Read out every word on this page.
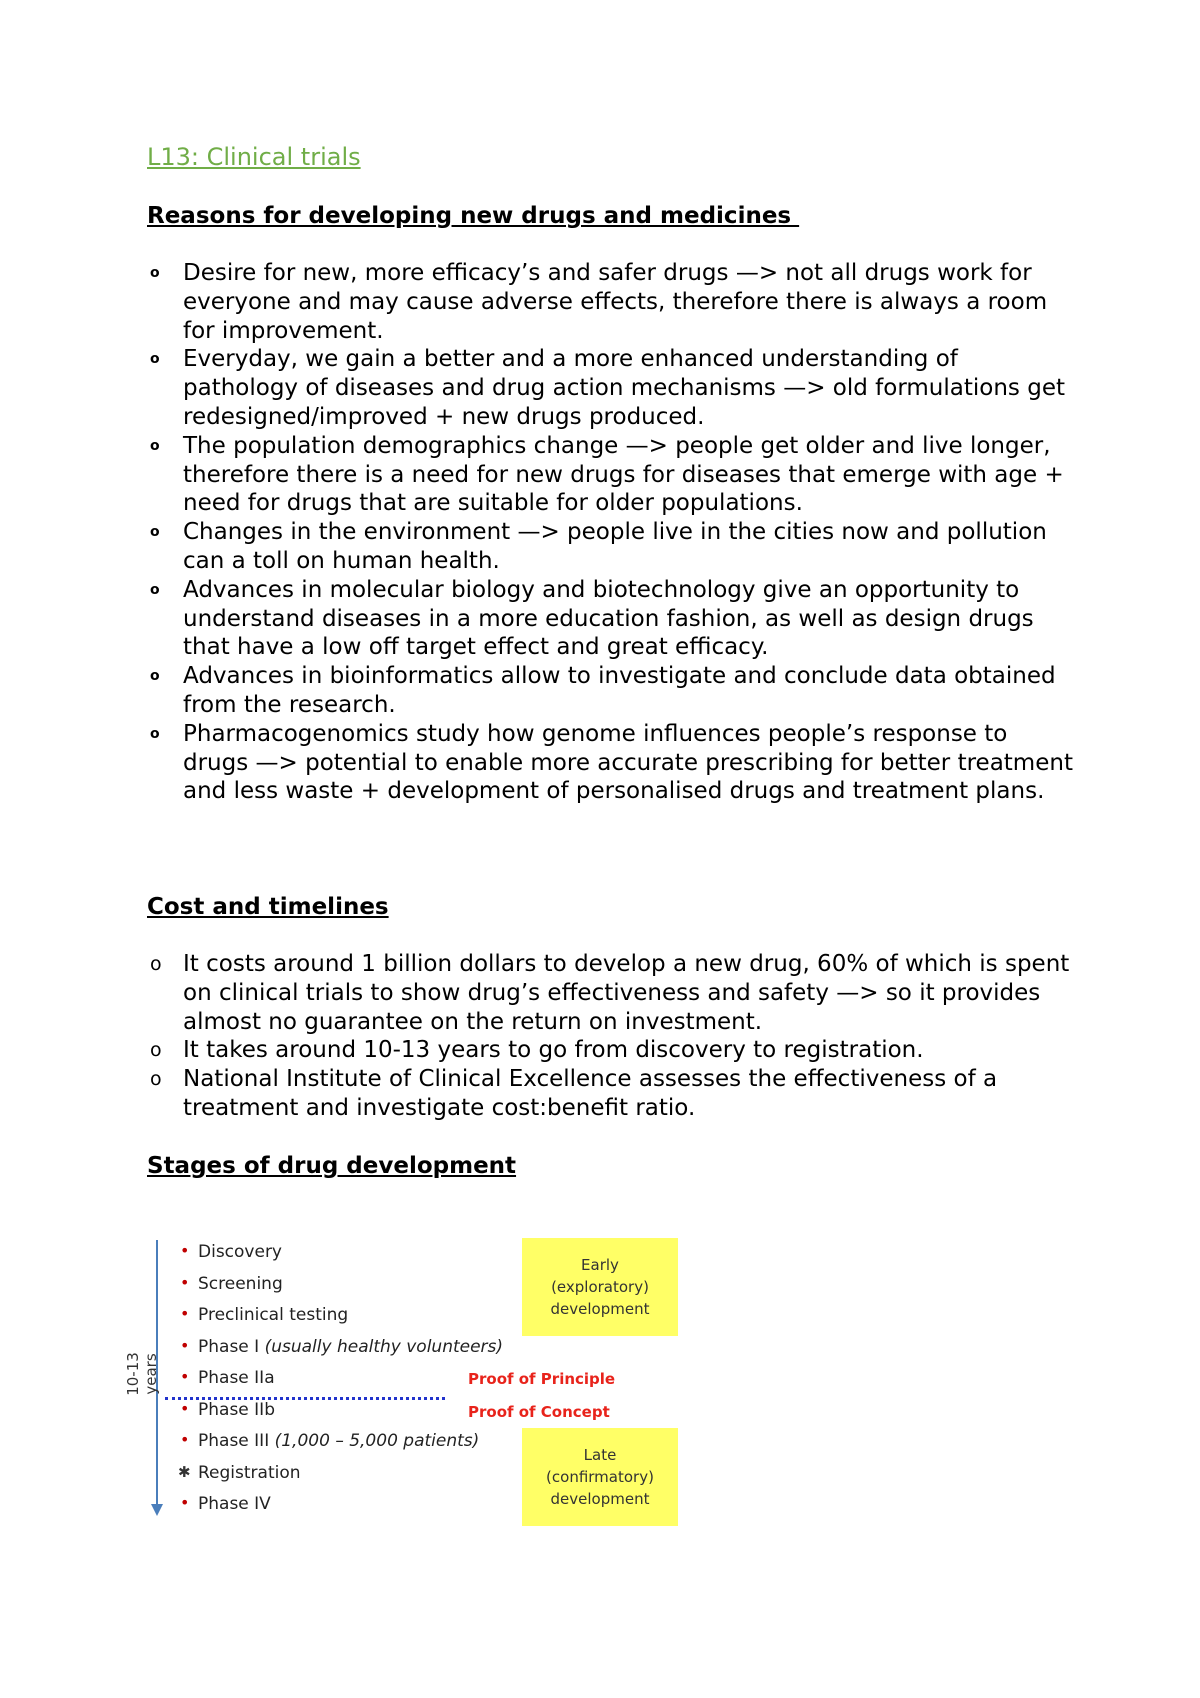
L13: Clinical trials
Reasons for developing new drugs and medicines
o Desire for new, more efficacy’s and safer drugs —> not all drugs work for everyone and may cause adverse effects, therefore there is always a room for improvement.
o Everyday, we gain a better and a more enhanced understanding of pathology of diseases and drug action mechanisms —> old formulations get redesigned/improved + new drugs produced.
o The population demographics change —> people get older and live longer, therefore there is a need for new drugs for diseases that emerge with age + need for drugs that are suitable for older populations.
o Changes in the environment —> people live in the cities now and pollution can a toll on human health.
o Advances in molecular biology and biotechnology give an opportunity to understand diseases in a more education fashion, as well as design drugs that have a low off target effect and great efficacy.
o Advances in bioinformatics allow to investigate and conclude data obtained from the research.
o Pharmacogenomics study how genome influences people’s response to drugs —> potential to enable more accurate prescribing for better treatment and less waste + development of personalised drugs and treatment plans.
Cost and timelines
o It costs around 1 billion dollars to develop a new drug, 60% of which is spent on clinical trials to show drug’s effectiveness and safety —> so it provides almost no guarantee on the return on investment.
o It takes around 10-13 years to go from discovery to registration.
o National Institute of Clinical Excellence assesses the effectiveness of a treatment and investigate cost:benefit ratio.
Stages of drug development
10-13 years
• Discovery
• Screening
• Preclinical testing
• Phase I (usually healthy volunteers)
• Phase IIa
• Phase IIb
• Phase III (1,000 – 5,000 patients)
✱ Registration
• Phase IV
Proof of Principle
Proof of Concept
Early (exploratory) development
Late (confirmatory) development
